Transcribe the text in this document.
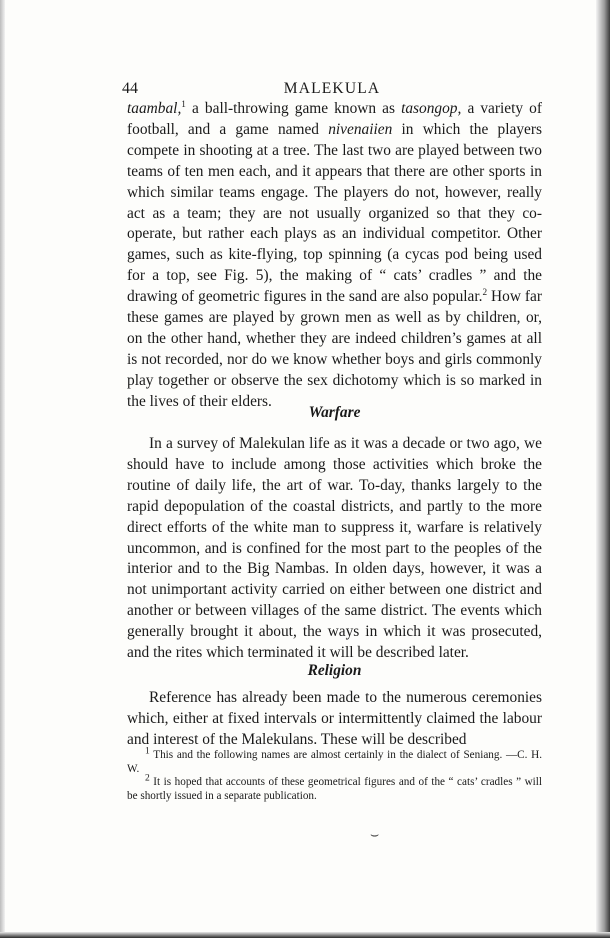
44	MALEKULA

taambal,$^1$ a ball-throwing game known as tasongop, a variety of football, and a game named nivenaiien in which the players compete in shooting at a tree. The last two are played between two teams of ten men each, and it appears that there are other sports in which similar teams engage. The players do not, however, really act as a team; they are not usually organized so that they co-operate, but rather each plays as an individual competitor. Other games, such as kite-flying, top spinning (a cycas pod being used for a top, see Fig. 5), the making of “ cats’ cradles ” and the drawing of geometric figures in the sand are also popular.$^2$ How far these games are played by grown men as well as by children, or, on the other hand, whether they are indeed children’s games at all is not recorded, nor do we know whether boys and girls commonly play together or observe the sex dichotomy which is so marked in the lives of their elders.

Warfare

In a survey of Malekulan life as it was a decade or two ago, we should have to include among those activities which broke the routine of daily life, the art of war. To-day, thanks largely to the rapid depopulation of the coastal districts, and partly to the more direct efforts of the white man to suppress it, warfare is relatively uncommon, and is confined for the most part to the peoples of the interior and to the Big Nambas. In olden days, however, it was a not unimportant activity carried on either between one district and another or between villages of the same district. The events which generally brought it about, the ways in which it was prosecuted, and the rites which terminated it will be described later.

Religion

Reference has already been made to the numerous ceremonies which, either at fixed intervals or intermittently claimed the labour and interest of the Malekulans. These will be described

$^1$ This and the following names are almost certainly in the dialect of Seniang. —C. H. W.

$^2$ It is hoped that accounts of these geometrical figures and of the “ cats’ cradles ” will be shortly issued in a separate publication.

⌣
